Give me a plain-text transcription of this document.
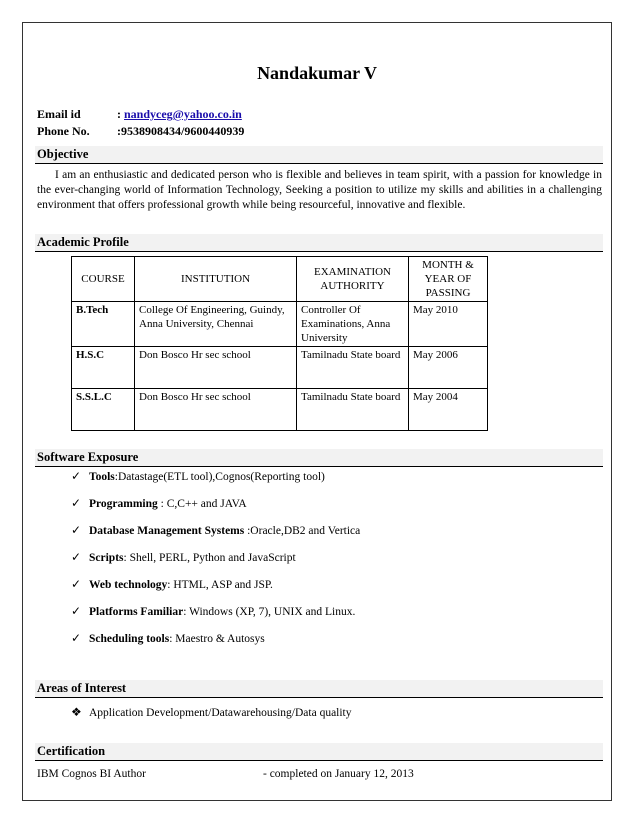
Nandakumar V
Email id	: nandyceg@yahoo.co.in
Phone No. :9538908434/9600440939
Objective
I am an enthusiastic and dedicated person who is flexible and believes in team spirit, with a passion for knowledge in the ever-changing world of Information Technology, Seeking a position to utilize my skills and abilities in a challenging environment that offers professional growth while being resourceful, innovative and flexible.
Academic Profile
COURSE	INSTITUTION	EXAMINATION AUTHORITY	MONTH & YEAR OF PASSING
B.Tech	College Of Engineering, Guindy, Anna University, Chennai	Controller Of Examinations, Anna University	May 2010
H.S.C	Don Bosco Hr sec school	Tamilnadu State board	May 2006
S.S.L.C	Don Bosco Hr sec school	Tamilnadu State board	May 2004
Software Exposure
✓ Tools:Datastage(ETL tool),Cognos(Reporting tool)
✓ Programming : C,C++ and JAVA
✓ Database Management Systems :Oracle,DB2 and Vertica
✓ Scripts: Shell, PERL, Python and JavaScript
✓ Web technology: HTML, ASP and JSP.
✓ Platforms Familiar: Windows (XP, 7), UNIX and Linux.
✓ Scheduling tools: Maestro & Autosys
Areas of Interest
❖ Application Development/Datawarehousing/Data quality
Certification
IBM Cognos BI Author	- completed on January 12, 2013
